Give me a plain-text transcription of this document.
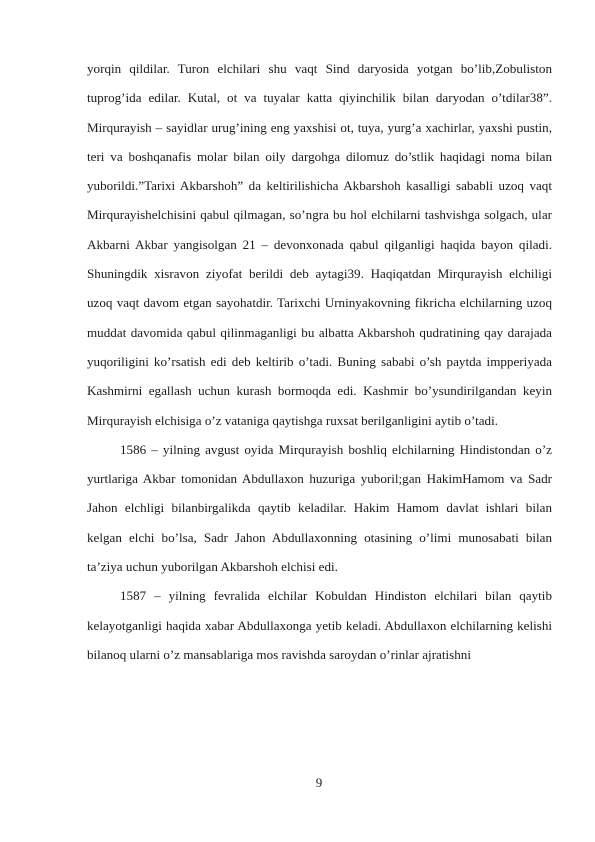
yorqin qildilar. Turon elchilari shu vaqt Sind daryosida yotgan bo’lib,Zobuliston tuprog’ida edilar. Kutal, ot va tuyalar katta qiyinchilik bilan daryodan o’tdilar38”. Mirqurayish – sayidlar urug’ining eng yaxshisi ot, tuya, yurg’a xachirlar, yaxshi pustin, teri va boshqanafis molar bilan oily dargohga dilomuz do’stlik haqidagi noma bilan yuborildi.”Tarixi Akbarshoh” da keltirilishicha Akbarshoh kasalligi sababli uzoq vaqt Mirqurayishelchisini qabul qilmagan, so’ngra bu hol elchilarni tashvishga solgach, ular Akbarni Akbar yangisolgan 21 – devonxonada qabul qilganligi haqida bayon qiladi. Shuningdik xisravon ziyofat berildi deb aytagi39. Haqiqatdan Mirqurayish elchiligi uzoq vaqt davom etgan sayohatdir. Tarixchi Urninyakovning fikricha elchilarning uzoq muddat davomida qabul qilinmaganligi bu albatta Akbarshoh qudratining qay darajada yuqoriligini ko’rsatish edi deb keltirib o’tadi. Buning sababi o’sh paytda impperiyada Kashmirni egallash uchun kurash bormoqda edi. Kashmir bo’ysundirilgandan keyin Mirqurayish elchisiga o’z vataniga qaytishga ruxsat berilganligini aytib o’tadi.

1586 – yilning avgust oyida Mirqurayish boshliq elchilarning Hindistondan o’z yurtlariga Akbar tomonidan Abdullaxon huzuriga yuboril;gan HakimHamom va Sadr Jahon elchligi bilanbirgalikda qaytib keladilar. Hakim Hamom davlat ishlari bilan kelgan elchi bo’lsa, Sadr Jahon Abdullaxonning otasining o’limi munosabati bilan ta’ziya uchun yuborilgan Akbarshoh elchisi edi.

1587 – yilning fevralida elchilar Kobuldan Hindiston elchilari bilan qaytib kelayotganligi haqida xabar Abdullaxonga yetib keladi. Abdullaxon elchilarning kelishi bilanoq ularni o’z mansablariga mos ravishda saroydan o’rinlar ajratishni

9
